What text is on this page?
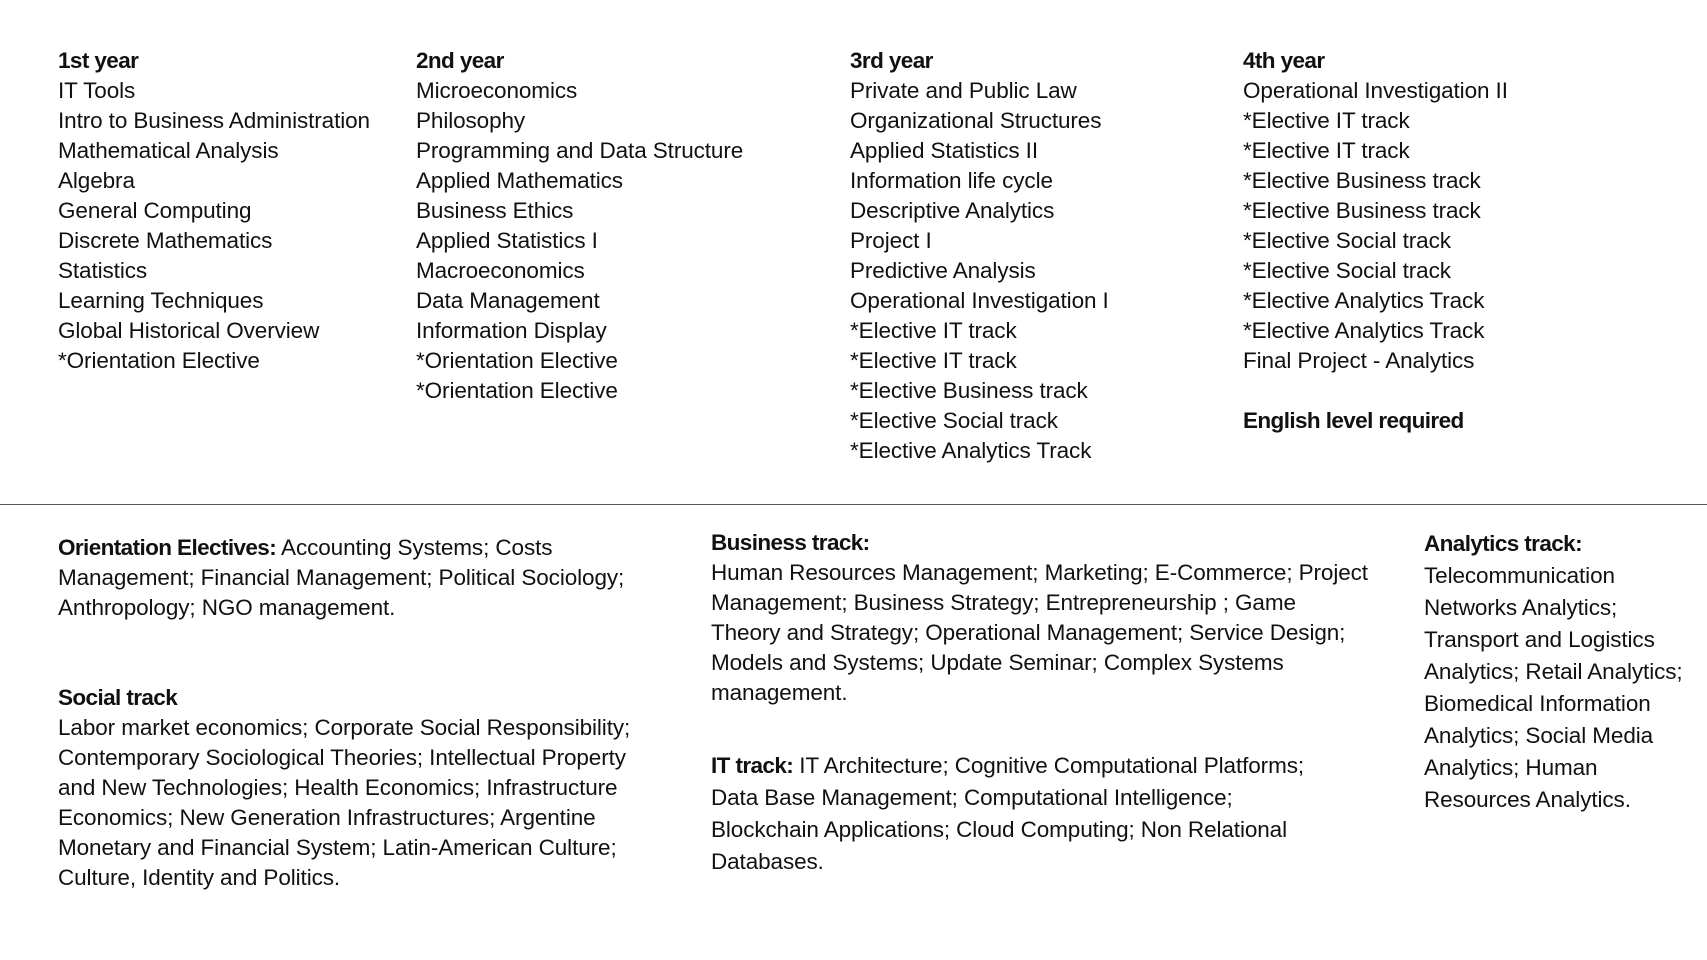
1st year
IT Tools
Intro to Business Administration
Mathematical Analysis
Algebra
General Computing
Discrete Mathematics
Statistics
Learning Techniques
Global Historical Overview
*Orientation Elective
2nd year
Microeconomics
Philosophy
Programming and Data Structure
Applied Mathematics
Business Ethics
Applied Statistics I
Macroeconomics
Data Management
Information Display
*Orientation Elective
*Orientation Elective
3rd year
Private and Public Law
Organizational Structures
Applied Statistics II
Information life cycle
Descriptive Analytics
Project I
Predictive Analysis
Operational Investigation I
*Elective IT track
*Elective IT track
*Elective Business track
*Elective Social track
*Elective Analytics Track
4th year
Operational Investigation II
*Elective IT track
*Elective IT track
*Elective Business track
*Elective Business track
*Elective Social track
*Elective Social track
*Elective Analytics Track
*Elective Analytics Track
Final Project - Analytics
English level required
Orientation Electives: Accounting Systems; Costs Management; Financial Management; Political Sociology; Anthropology; NGO management.
Social track
Labor market economics; Corporate Social Responsibility; Contemporary Sociological Theories; Intellectual Property and New Technologies; Health Economics; Infrastructure Economics; New Generation Infrastructures; Argentine Monetary and Financial System; Latin-American Culture; Culture, Identity and Politics.
Business track:
Human Resources Management; Marketing; E-Commerce; Project Management; Business Strategy; Entrepreneurship ; Game Theory and Strategy; Operational Management; Service Design; Models and Systems; Update Seminar; Complex Systems management.
IT track: IT Architecture; Cognitive Computational Platforms; Data Base Management; Computational Intelligence; Blockchain Applications; Cloud Computing; Non Relational Databases.
Analytics track:
Telecommunication Networks Analytics; Transport and Logistics Analytics; Retail Analytics; Biomedical Information Analytics; Social Media Analytics; Human Resources Analytics.
